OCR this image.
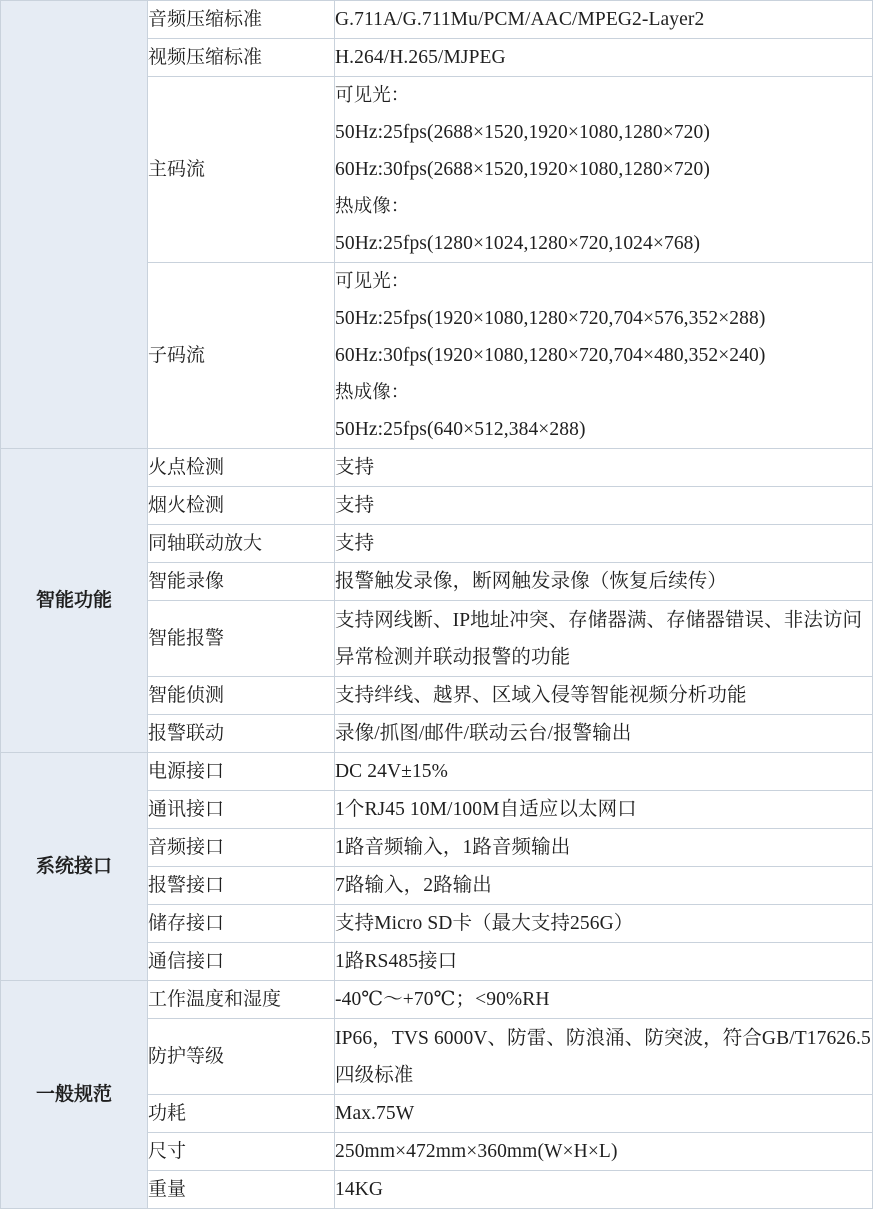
	音频压缩标准	G.711A/G.711Mu/PCM/AAC/MPEG2-Layer2
	视频压缩标准	H.264/H.265/MJPEG
	主码流	可见光：
50Hz:25fps(2688×1520,1920×1080,1280×720)
60Hz:30fps(2688×1520,1920×1080,1280×720)
热成像：
50Hz:25fps(1280×1024,1280×720,1024×768)

	子码流	可见光：
50Hz:25fps(1920×1080,1280×720,704×576,352×288)
60Hz:30fps(1920×1080,1280×720,704×480,352×240)
热成像：
50Hz:25fps(640×512,384×288)

智能功能	火点检测	支持
	烟火检测	支持
	同轴联动放大	支持
	智能录像	报警触发录像，断网触发录像（恢复后续传）
	智能报警	支持网线断、IP地址冲突、存储器满、存储器错误、非法访问异常检测并联动报警的功能
	智能侦测	支持绊线、越界、区域入侵等智能视频分析功能
	报警联动	录像/抓图/邮件/联动云台/报警输出
系统接口	电源接口	DC 24V±15%
	通讯接口	1个RJ45 10M/100M自适应以太网口
	音频接口	1路音频输入，1路音频输出
	报警接口	7路输入，2路输出
	储存接口	支持Micro SD卡（最大支持256G）
	通信接口	1路RS485接口
一般规范	工作温度和湿度	-40℃～+70℃；<90%RH
	防护等级	IP66，TVS 6000V、防雷、防浪涌、防突波，符合GB/T17626.5 四级标准
	功耗	Max.75W
	尺寸	250mm×472mm×360mm(W×H×L)
	重量	14KG
